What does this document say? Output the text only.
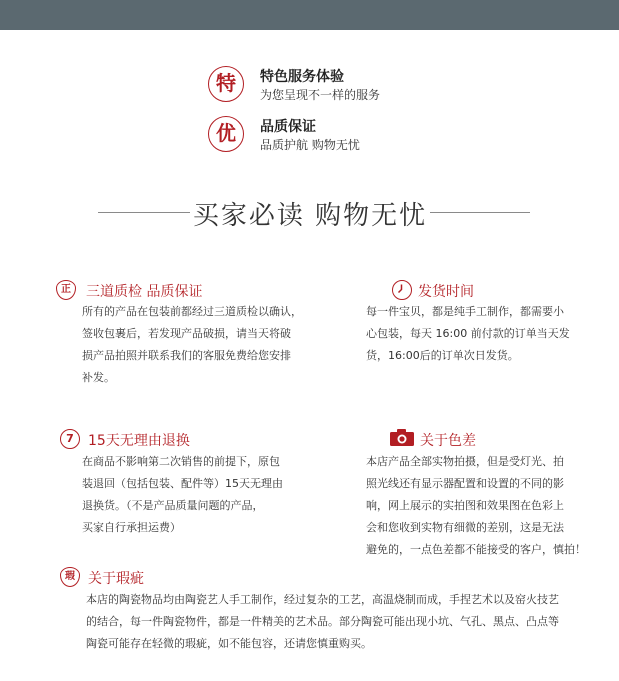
特	特色服务体验
为您呈现不一样的服务
优	品质保证
品质护航 购物无忧
买家必读 购物无忧
正	三道质检 品质保证
所有的产品在包装前都经过三道质检以确认，
签收包裹后，若发现产品破损，请当天将破
损产品拍照并联系我们的客服免费给您安排
补发。
发货时间
每一件宝贝，都是纯手工制作，都需要小
心包装，每天 16:00 前付款的订单当天发
货，16:00后的订单次日发货。
7	15天无理由退换
在商品不影响第二次销售的前提下，原包
装退回（包括包装、配件等）15天无理由
退换货。（不是产品质量问题的产品，
买家自行承担运费）
关于色差
本店产品全部实物拍摄，但是受灯光、拍
照光线还有显示器配置和设置的不同的影
响，网上展示的实拍图和效果图在色彩上
会和您收到实物有细微的差别，这是无法
避免的，一点色差都不能接受的客户，慎拍！
瑕 关于瑕疵
本店的陶瓷物品均由陶瓷艺人手工制作，经过复杂的工艺，高温烧制而成，手捏艺术以及窑火技艺
的结合，每一件陶瓷物件，都是一件精美的艺术品。部分陶瓷可能出现小坑、气孔、黑点、凸点等
陶瓷可能存在轻微的瑕疵，如不能包容，还请您慎重购买。
